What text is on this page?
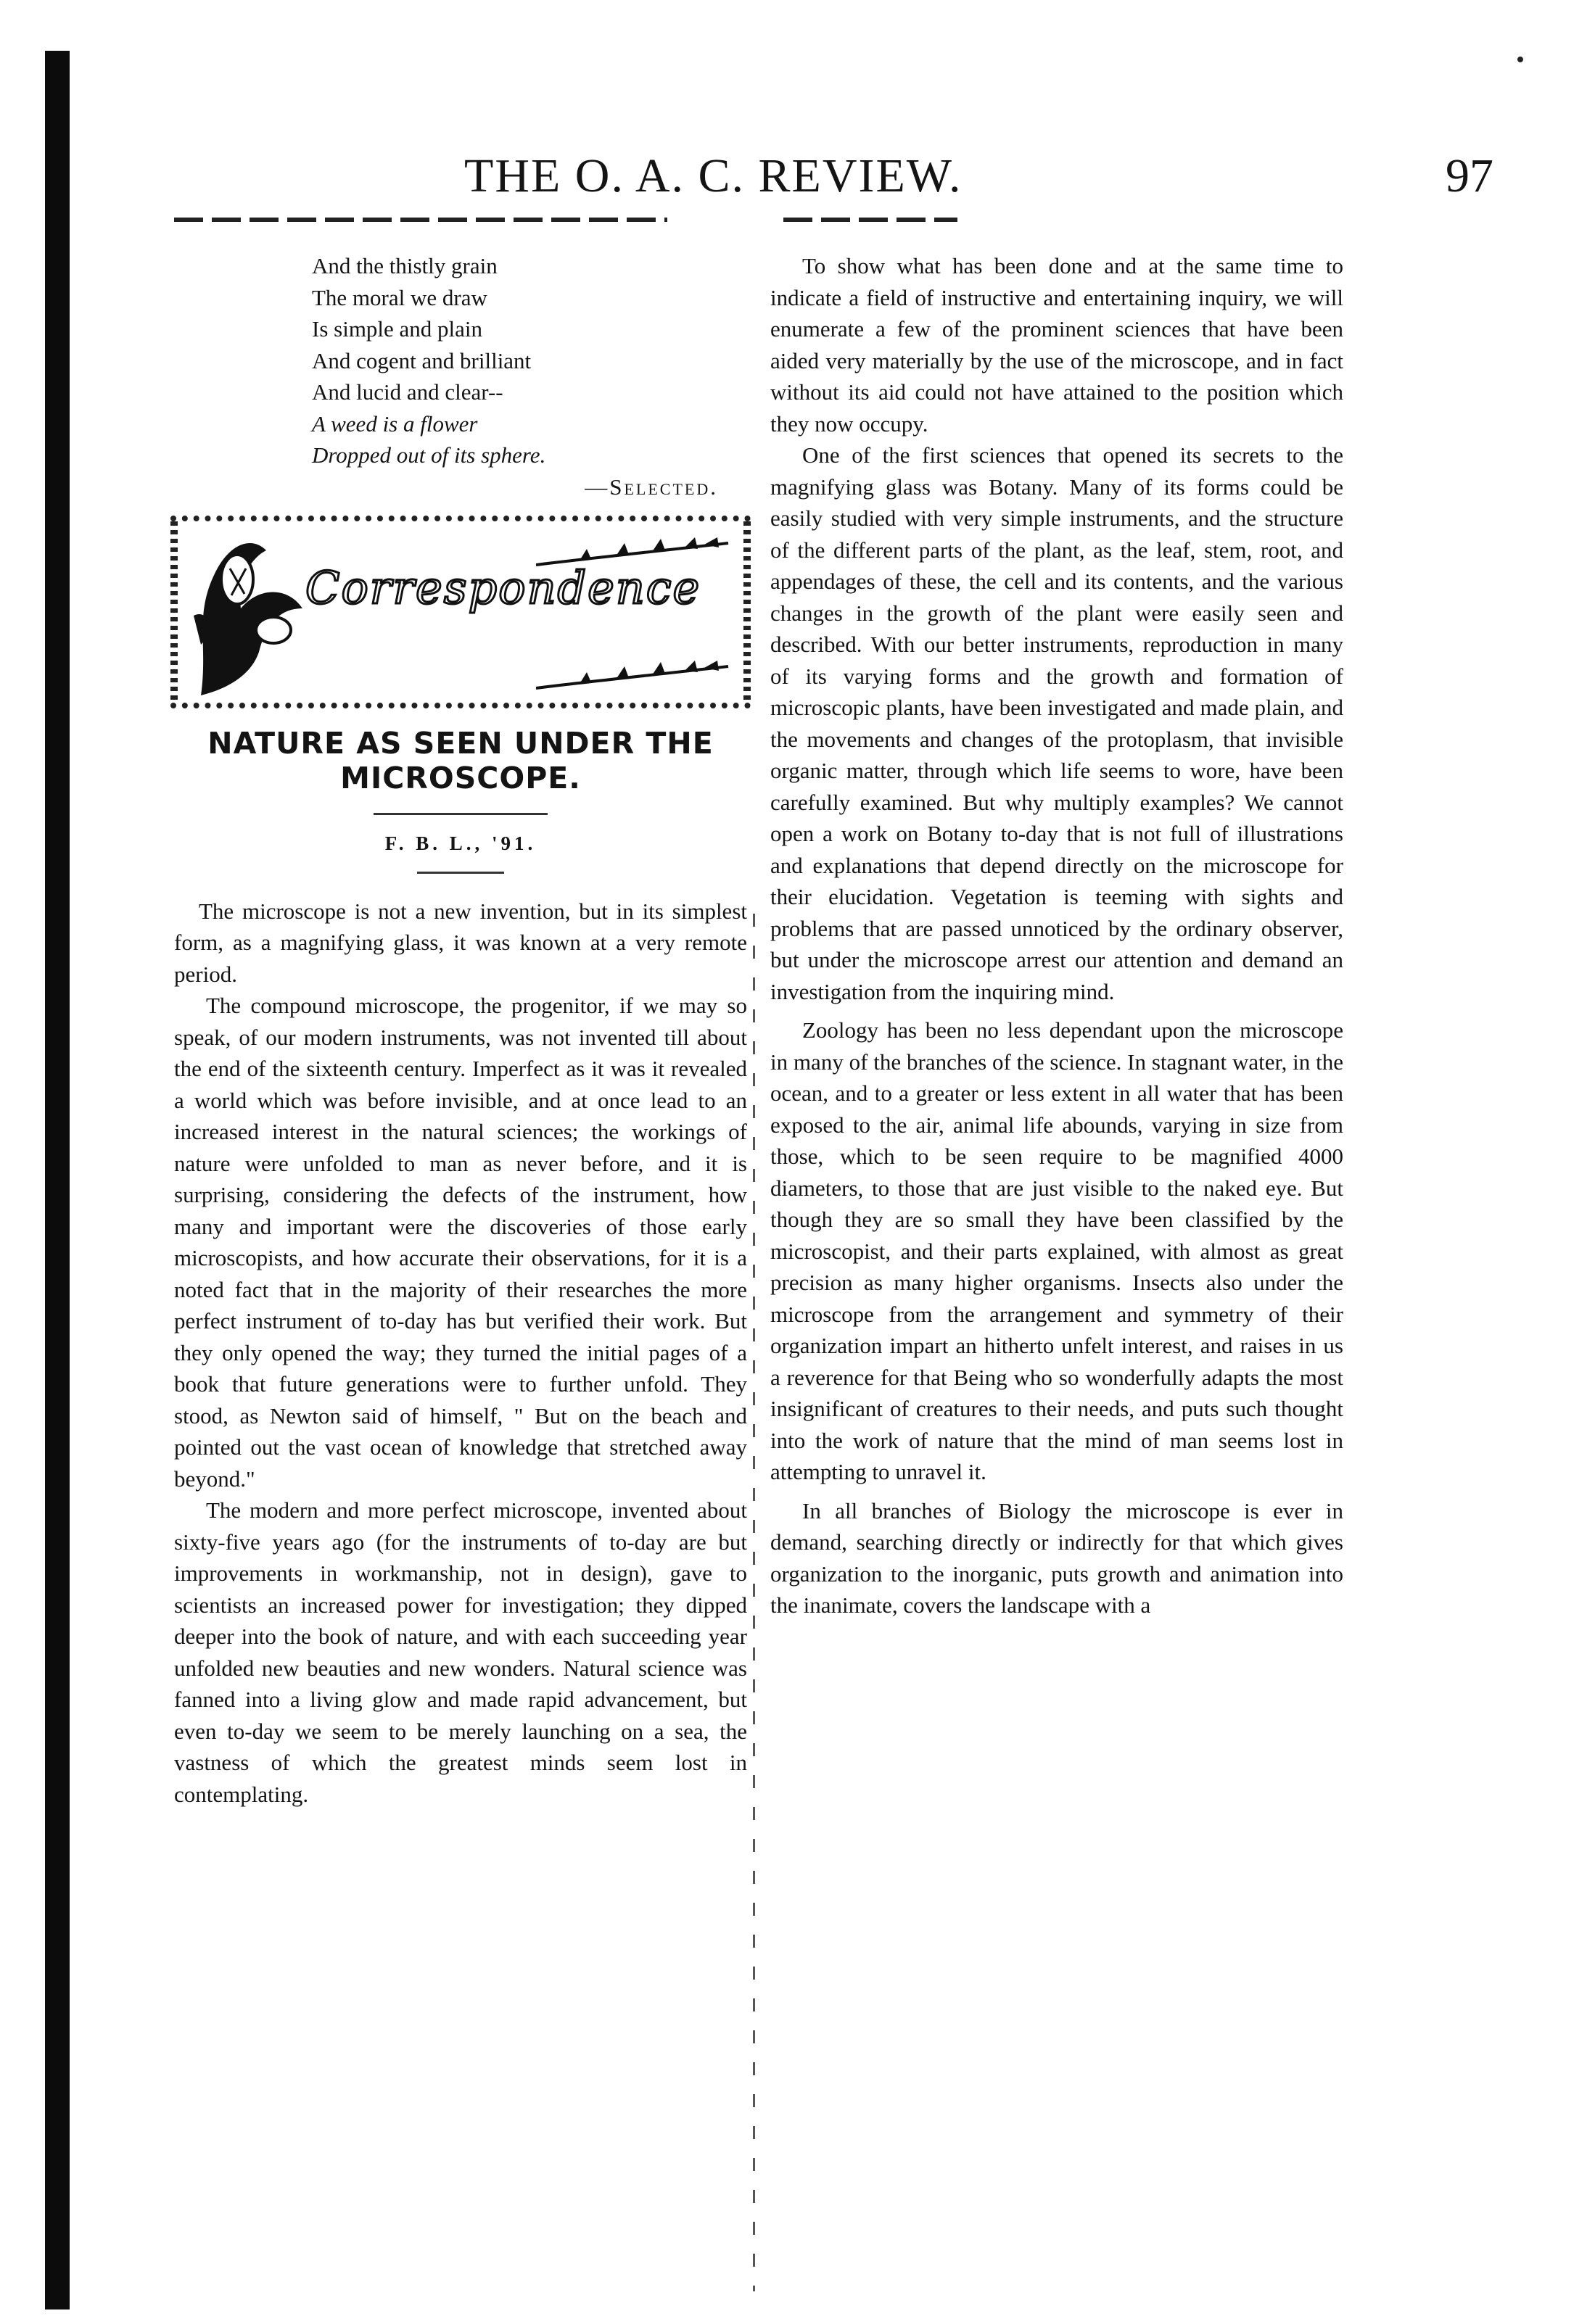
THE O. A. C. REVIEW.	97
And the thistly grain
The moral we draw
Is simple and plain
And cogent and brilliant
And lucid and clear--
A weed is a flower
Dropped out of its sphere.
—Selected.
Correspondence
NATURE AS SEEN UNDER THE
MICROSCOPE.
F. B. L., '91.

The microscope is not a new invention, but in its simplest form, as a magnifying glass, it was known at a very remote period.

The compound microscope, the progenitor, if we may so speak, of our modern instruments, was not invented till about the end of the sixteenth century. Imperfect as it was it revealed a world which was before invisible, and at once lead to an increased interest in the natural sciences; the workings of nature were unfolded to man as never before, and it is surprising, considering the defects of the instrument, how many and important were the discoveries of those early microscopists, and how accurate their observations, for it is a noted fact that in the majority of their researches the more perfect instrument of to-day has but verified their work. But they only opened the way; they turned the initial pages of a book that future generations were to further unfold. They stood, as Newton said of himself, " But on the beach and pointed out the vast ocean of knowledge that stretched away beyond."

The modern and more perfect microscope, invented about sixty-five years ago (for the instruments of to-day are but improvements in workmanship, not in design), gave to scientists an increased power for investigation; they dipped deeper into the book of nature, and with each succeeding year unfolded new beauties and new wonders. Natural science was fanned into a living glow and made rapid advancement, but even to-day we seem to be merely launching on a sea, the vastness of which the greatest minds seem lost in contemplating.

To show what has been done and at the same time to indicate a field of instructive and entertaining inquiry, we will enumerate a few of the prominent sciences that have been aided very materially by the use of the microscope, and in fact without its aid could not have attained to the position which they now occupy.

One of the first sciences that opened its secrets to the magnifying glass was Botany. Many of its forms could be easily studied with very simple instruments, and the structure of the different parts of the plant, as the leaf, stem, root, and appendages of these, the cell and its contents, and the various changes in the growth of the plant were easily seen and described. With our better instruments, reproduction in many of its varying forms and the growth and formation of microscopic plants, have been investigated and made plain, and the movements and changes of the protoplasm, that invisible organic matter, through which life seems to wore, have been carefully examined. But why multiply examples? We cannot open a work on Botany to-day that is not full of illustrations and explanations that depend directly on the microscope for their elucidation. Vegetation is teeming with sights and problems that are passed unnoticed by the ordinary observer, but under the microscope arrest our attention and demand an investigation from the inquiring mind.

Zoology has been no less dependant upon the microscope in many of the branches of the science. In stagnant water, in the ocean, and to a greater or less extent in all water that has been exposed to the air, animal life abounds, varying in size from those, which to be seen require to be magnified 4000 diameters, to those that are just visible to the naked eye. But though they are so small they have been classified by the microscopist, and their parts explained, with almost as great precision as many higher organisms. Insects also under the microscope from the arrangement and symmetry of their organization impart an hitherto unfelt interest, and raises in us a reverence for that Being who so wonderfully adapts the most insignificant of creatures to their needs, and puts such thought into the work of nature that the mind of man seems lost in attempting to unravel it.

In all branches of Biology the microscope is ever in demand, searching directly or indirectly for that which gives organization to the inorganic, puts growth and animation into the inanimate, covers the landscape with a
